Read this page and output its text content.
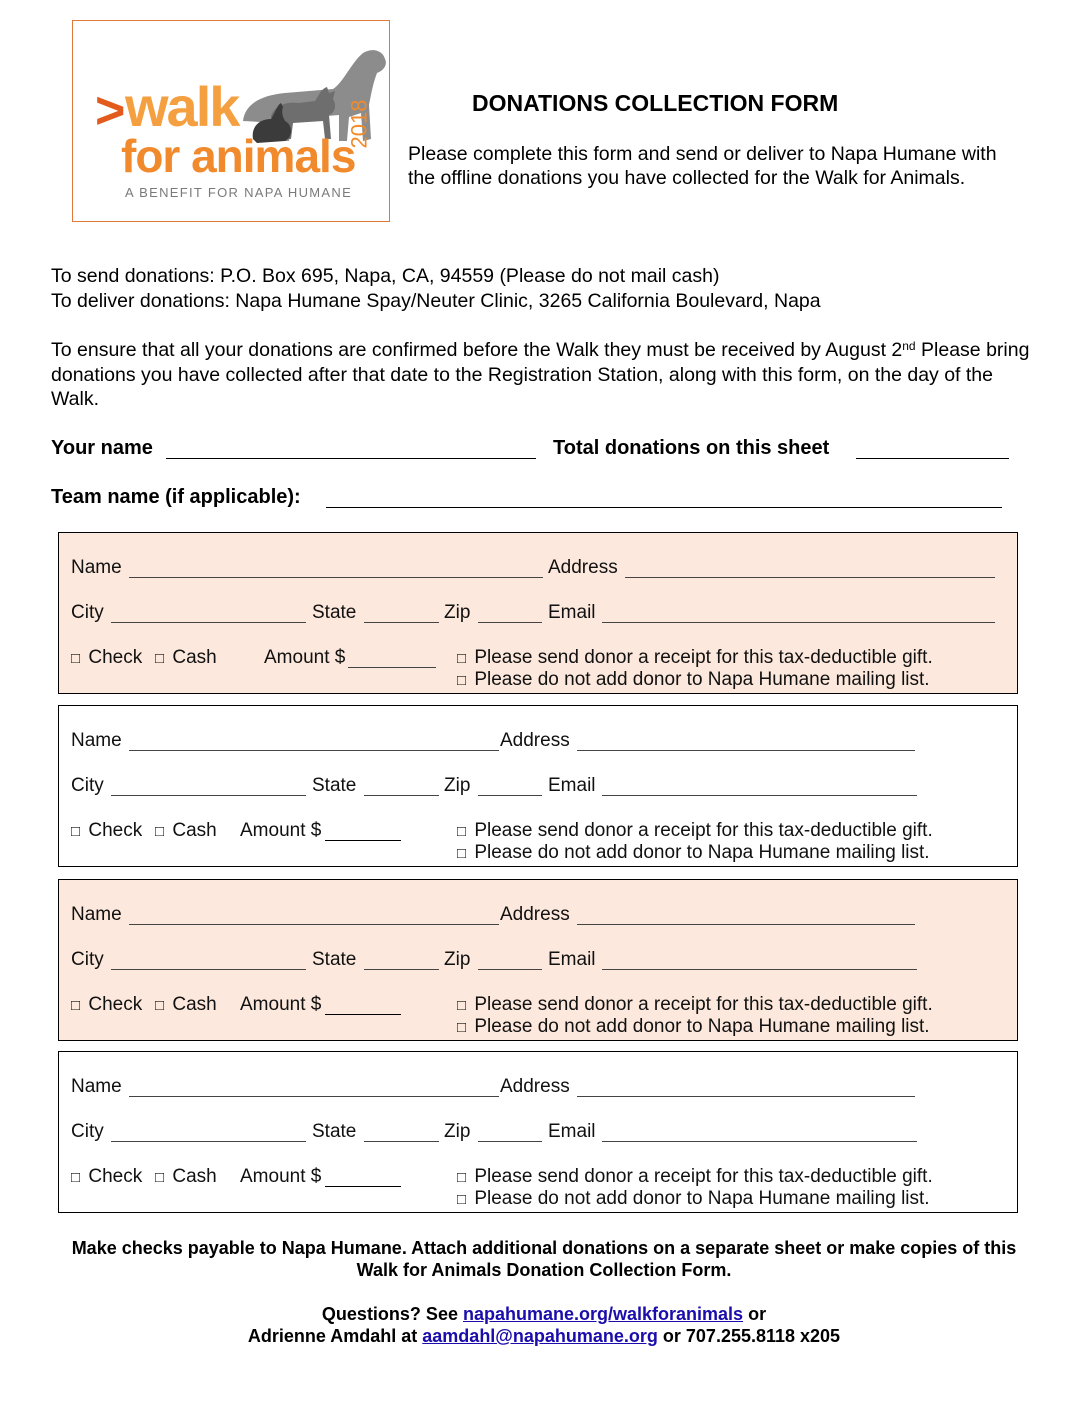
> walk
for animals
A BENEFIT FOR NAPA HUMANE
2018	DONATIONS COLLECTION FORM
Please complete this form and send or deliver to Napa Humane with the offline donations you have collected for the Walk for Animals.
To send donations: P.O. Box 695, Napa, CA, 94559 (Please do not mail cash)
To deliver donations: Napa Humane Spay/Neuter Clinic, 3265 California Boulevard, Napa
To ensure that all your donations are confirmed before the Walk they must be received by August 2nd Please bring donations you have collected after that date to the Registration Station, along with this form, on the day of the Walk.
Your name	Total donations on this sheet
Team name (if applicable):
Name	Address
City	State	Zip	Email
□ Check □ Cash Amount $	□ Please send donor a receipt for this tax-deductible gift.
□ Please do not add donor to Napa Humane mailing list.
Name	Address
City	State	Zip	Email
□ Check □ Cash Amount $	□ Please send donor a receipt for this tax-deductible gift.
□ Please do not add donor to Napa Humane mailing list.
Name	Address
City	State	Zip	Email
□ Check □ Cash Amount $	□ Please send donor a receipt for this tax-deductible gift.
□ Please do not add donor to Napa Humane mailing list.
Name	Address
City	State	Zip	Email
□ Check □ Cash Amount $	□ Please send donor a receipt for this tax-deductible gift.
□ Please do not add donor to Napa Humane mailing list.
Make checks payable to Napa Humane. Attach additional donations on a separate sheet or make copies of this Walk for Animals Donation Collection Form.
Questions? See napahumane.org/walkforanimals or
Adrienne Amdahl at aamdahl@napahumane.org or 707.255.8118 x205
